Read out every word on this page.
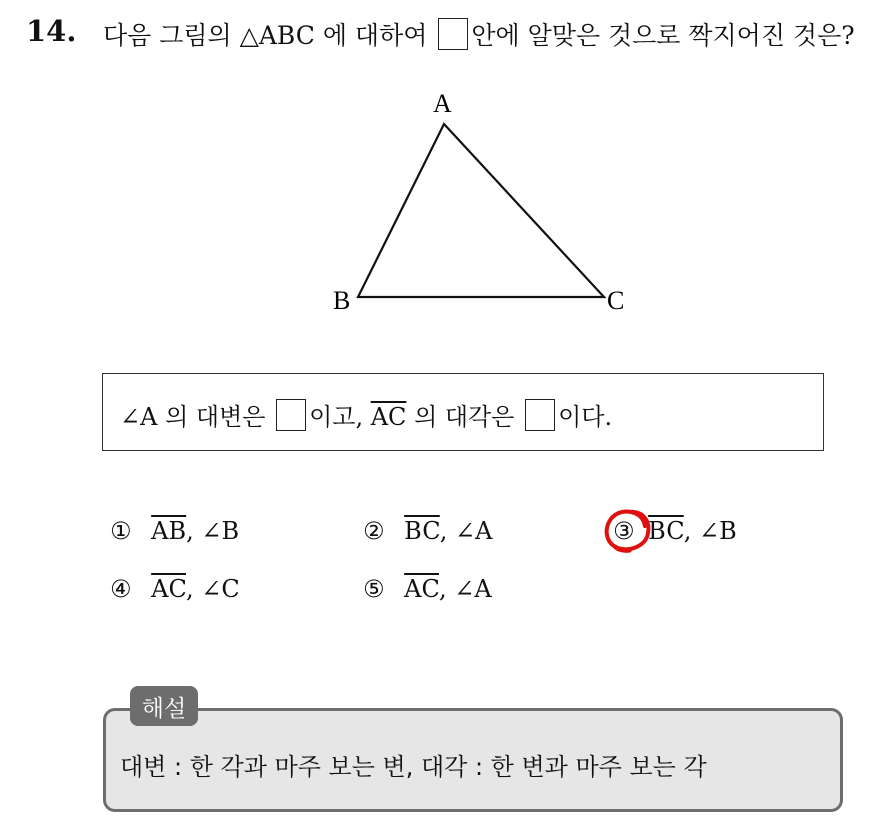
14. 다음 그림의 △ABC 에 대하여 안에 알맞은 것으로 짝지어진 것은?
A
B	C
∠A 의 대변은 이고, $\overline{AC}$ 의 대각은 이다.
① $\overline{AB}$, ∠B	② $\overline{BC}$, ∠A	③ $\overline{BC}$, ∠B
④ $\overline{AC}$, ∠C	⑤ $\overline{AC}$, ∠A
해설
대변 : 한 각과 마주 보는 변, 대각 : 한 변과 마주 보는 각
